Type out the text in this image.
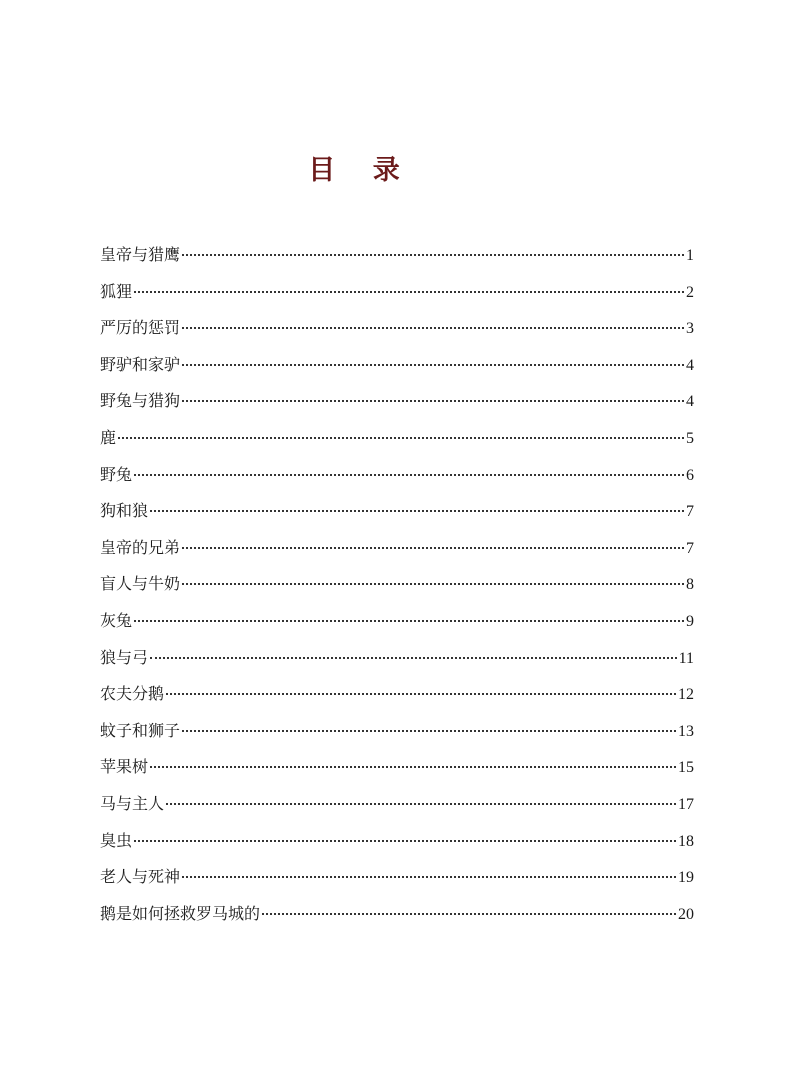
目 录
皇帝与猎鹰	1
狐狸	2
严厉的惩罚	3
野驴和家驴	4
野兔与猎狗	4
鹿	5
野兔	6
狗和狼	7
皇帝的兄弟	7
盲人与牛奶	8
灰兔	9
狼与弓	11
农夫分鹅	12
蚊子和狮子	13
苹果树	15
马与主人	17
臭虫	18
老人与死神	19
鹅是如何拯救罗马城的	20
